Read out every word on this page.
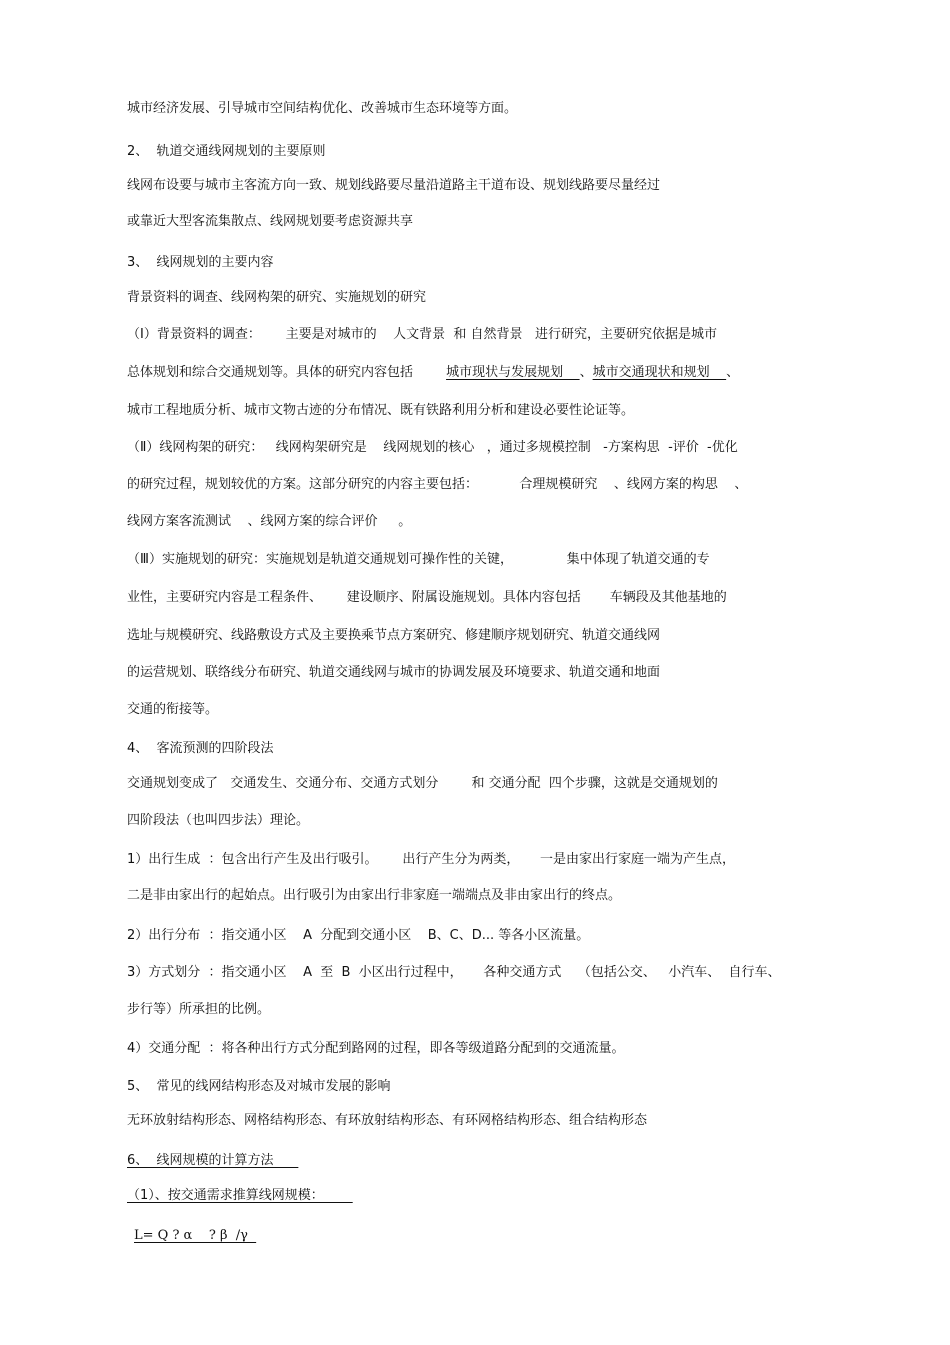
城市经济发展、引导城市空间结构优化、改善城市生态环境等方面。

2、  轨道交通线网规划的主要原则

线网布设要与城市主客流方向一致、规划线路要尽量沿道路主干道布设、规划线路要尽量经过

或靠近大型客流集散点、线网规划要考虑资源共享

3、  线网规划的主要内容

背景资料的调查、线网构架的研究、实施规划的研究

（Ⅰ）背景资料的调查：      主要是对城市的    人文背景  和 自然背景   进行研究，主要研究依据是城市

总体规划和综合交通规划等。具体的研究内容包括        城市现状与发展规划    、城市交通现状和规划    、

城市工程地质分析、城市文物古迹的分布情况、既有铁路利用分析和建设必要性论证等。

（Ⅱ）线网构架的研究：   线网构架研究是    线网规划的核心   ，通过多规模控制   -方案构思  -评价  -优化

的研究过程，规划较优的方案。这部分研究的内容主要包括：          合理规模研究    、线网方案的构思    、

线网方案客流测试    、线网方案的综合评价     。

（Ⅲ）实施规划的研究：实施规划是轨道交通规划可操作性的关键，             集中体现了轨道交通的专

业性，主要研究内容是工程条件、      建设顺序、附属设施规划。具体内容包括       车辆段及其他基地的

选址与规模研究、线路敷设方式及主要换乘节点方案研究、修建顺序规划研究、轨道交通线网

的运营规划、联络线分布研究、轨道交通线网与城市的协调发展及环境要求、轨道交通和地面

交通的衔接等。

4、  客流预测的四阶段法

交通规划变成了   交通发生、交通分布、交通方式划分        和 交通分配  四个步骤，这就是交通规划的

四阶段法（也叫四步法）理论。

1）出行生成  ：包含出行产生及出行吸引。      出行产生分为两类，     一是由家出行家庭一端为产生点，

二是非由家出行的起始点。出行吸引为由家出行非家庭一端端点及非由家出行的终点。

2）出行分布  ：指交通小区    A  分配到交通小区    B、C、D... 等各小区流量。

3）方式划分  ：指交通小区    A  至  B  小区出行过程中，     各种交通方式    （包括公交、   小汽车、  自行车、

步行等）所承担的比例。

4）交通分配  ：将各种出行方式分配到路网的过程，即各等级道路分配到的交通流量。

5、  常见的线网结构形态及对城市发展的影响

无环放射结构形态、网格结构形态、有环放射结构形态、有环网格结构形态、组合结构形态

6、  线网规模的计算方法

（1）、按交通需求推算线网规模：

L= Q ? α    ? β  /γ
